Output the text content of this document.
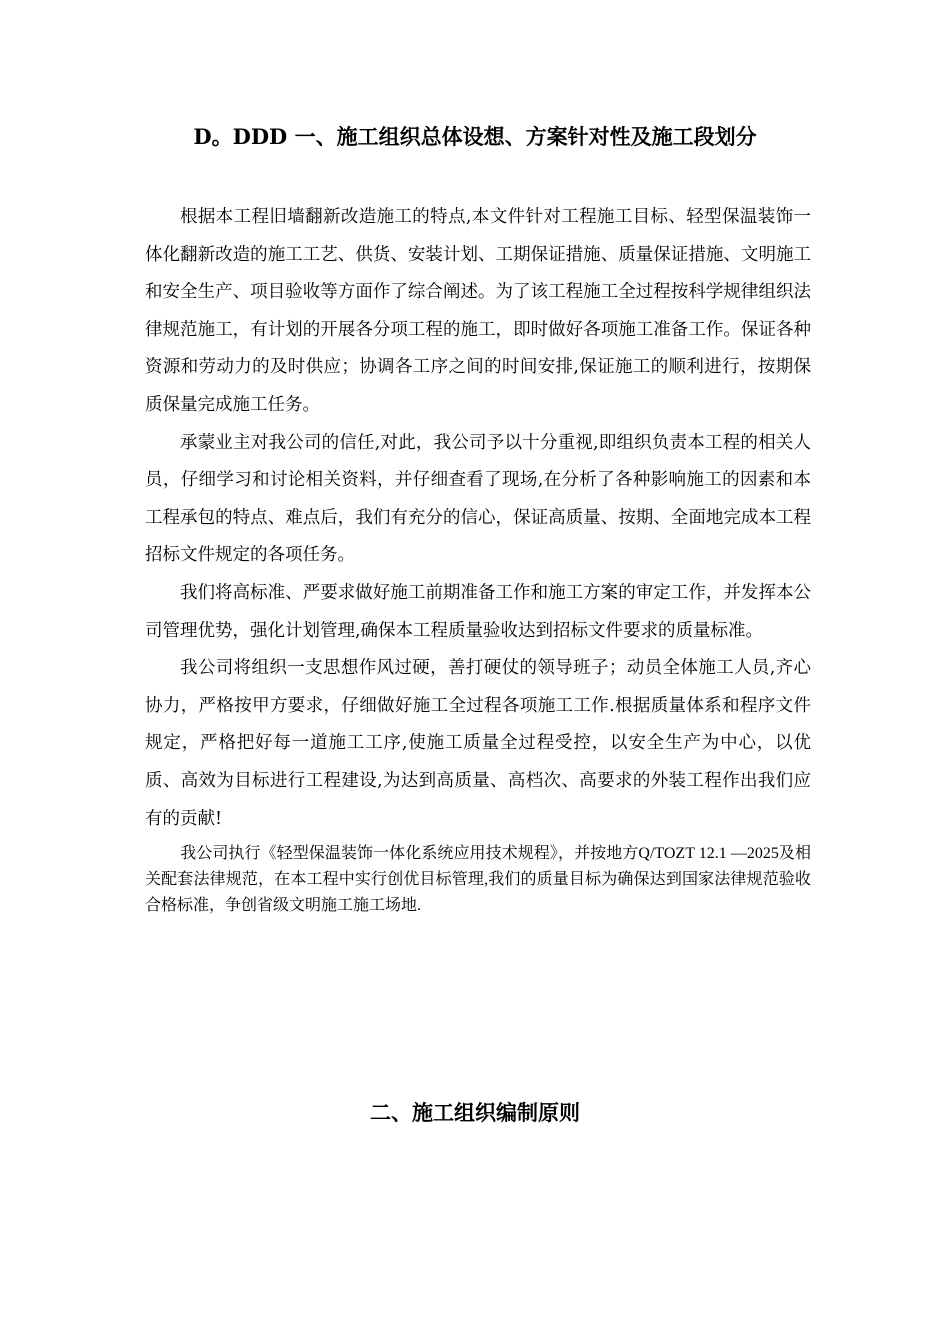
D。DDD 一、施工组织总体设想、方案针对性及施工段划分

根据本工程旧墙翻新改造施工的特点,本文件针对工程施工目标、轻型保温装饰一体化翻新改造的施工工艺、供货、安装计划、工期保证措施、质量保证措施、文明施工和安全生产、项目验收等方面作了综合阐述。为了该工程施工全过程按科学规律组织法律规范施工，有计划的开展各分项工程的施工，即时做好各项施工准备工作。保证各种资源和劳动力的及时供应；协调各工序之间的时间安排,保证施工的顺利进行，按期保质保量完成施工任务。

承蒙业主对我公司的信任,对此，我公司予以十分重视,即组织负责本工程的相关人员，仔细学习和讨论相关资料，并仔细查看了现场,在分析了各种影响施工的因素和本工程承包的特点、难点后，我们有充分的信心，保证高质量、按期、全面地完成本工程招标文件规定的各项任务。

我们将高标准、严要求做好施工前期准备工作和施工方案的审定工作，并发挥本公司管理优势，强化计划管理,确保本工程质量验收达到招标文件要求的质量标准。

我公司将组织一支思想作风过硬，善打硬仗的领导班子；动员全体施工人员,齐心协力，严格按甲方要求，仔细做好施工全过程各项施工工作.根据质量体系和程序文件规定，严格把好每一道施工工序,使施工质量全过程受控，以安全生产为中心，以优质、高效为目标进行工程建设,为达到高质量、高档次、高要求的外装工程作出我们应有的贡献!

我公司执行《轻型保温装饰一体化系统应用技术规程》，并按地方Q/TOZT 12.1 —2025及相关配套法律规范，在本工程中实行创优目标管理,我们的质量目标为确保达到国家法律规范验收合格标准，争创省级文明施工施工场地.

二、施工组织编制原则
